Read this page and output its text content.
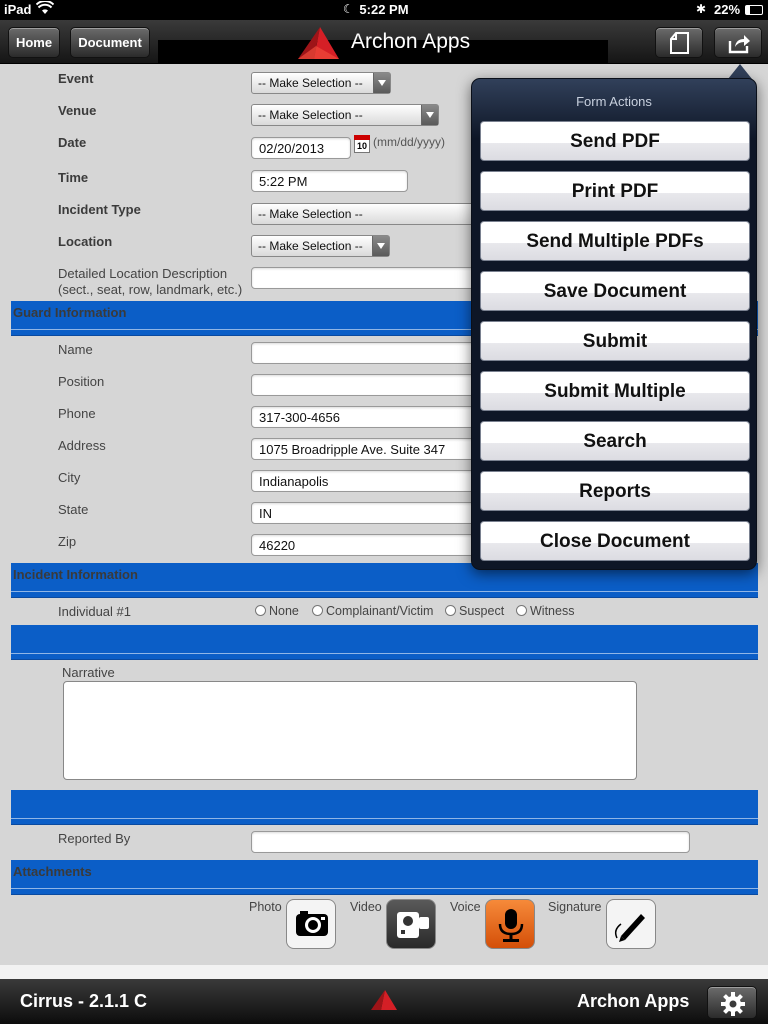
iPad	☾ 5:22 PM	✱ 22%
Home	Document	Archon Apps
Event	-- Make Selection --
Venue	-- Make Selection --
Date	02/20/2013	10 (mm/dd/yyyy)
Time	5:22 PM
Incident Type	-- Make Selection --
Location	-- Make Selection --
Detailed Location Description
(sect., seat, row, landmark, etc.)
Guard Information
Name
Position
Phone	317-300-4656
Address	1075 Broadripple Ave. Suite 347
City	Indianapolis
State	IN
Zip	46220
Incident Information
Individual #1	None	Complainant/Victim	Suspect	Witness
Narrative
Reported By
Attachments
Photo	Video	Voice	Signature
Cirrus - 2.1.1 C	Archon Apps
Form Actions
Send PDF
Print PDF
Send Multiple PDFs
Save Document
Submit
Submit Multiple
Search
Reports
Close Document
